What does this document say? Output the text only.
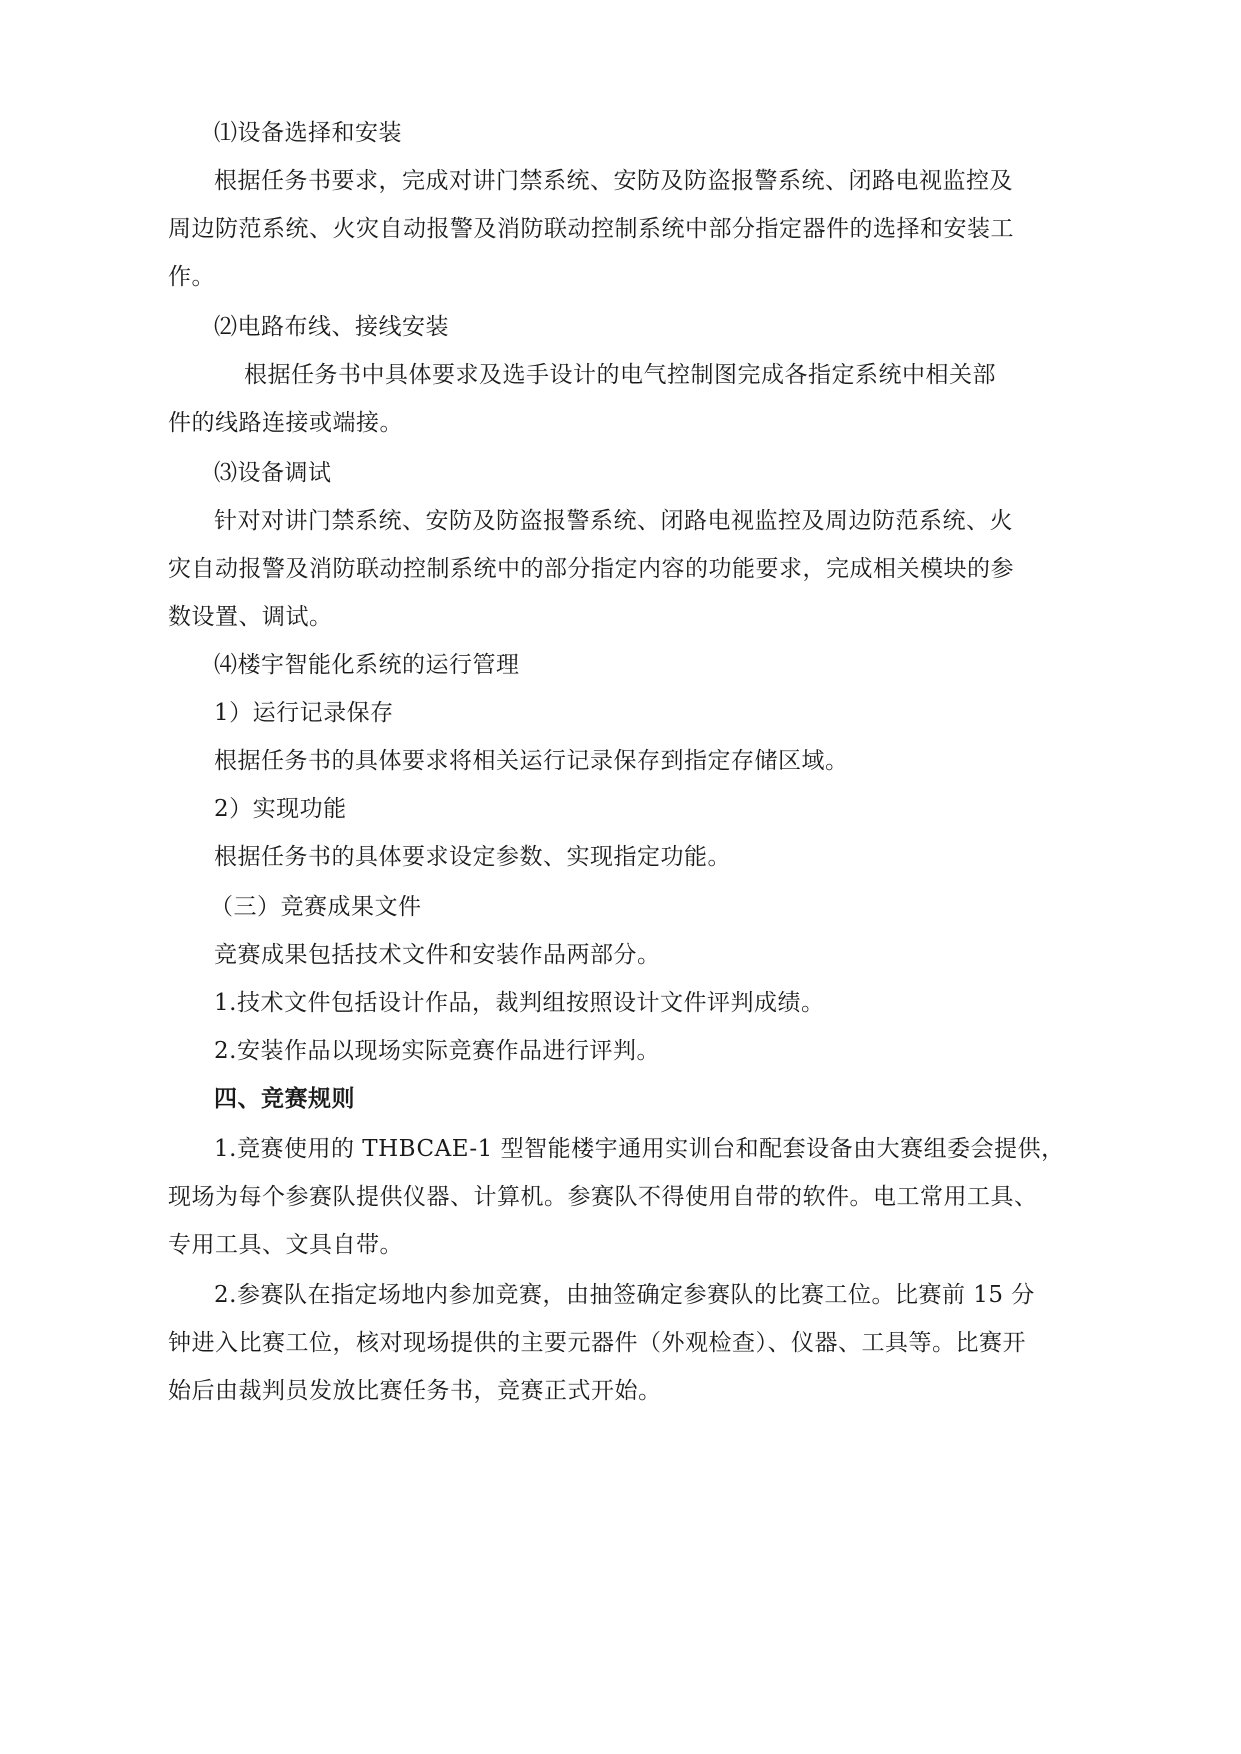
⑴设备选择和安装
根据任务书要求，完成对讲门禁系统、安防及防盗报警系统、闭路电视监控及
周边防范系统、火灾自动报警及消防联动控制系统中部分指定器件的选择和安装工
作。
⑵电路布线、接线安装
根据任务书中具体要求及选手设计的电气控制图完成各指定系统中相关部
件的线路连接或端接。
⑶设备调试
针对对讲门禁系统、安防及防盗报警系统、闭路电视监控及周边防范系统、火
灾自动报警及消防联动控制系统中的部分指定内容的功能要求，完成相关模块的参
数设置、调试。
⑷楼宇智能化系统的运行管理
1）运行记录保存
根据任务书的具体要求将相关运行记录保存到指定存储区域。
2）实现功能
根据任务书的具体要求设定参数、实现指定功能。
（三）竞赛成果文件
竞赛成果包括技术文件和安装作品两部分。
1.技术文件包括设计作品，裁判组按照设计文件评判成绩。
2.安装作品以现场实际竞赛作品进行评判。
四、竞赛规则
1.竞赛使用的 THBCAE-1 型智能楼宇通用实训台和配套设备由大赛组委会提供，
现场为每个参赛队提供仪器、计算机。参赛队不得使用自带的软件。电工常用工具、
专用工具、文具自带。
2.参赛队在指定场地内参加竞赛，由抽签确定参赛队的比赛工位。比赛前 15 分
钟进入比赛工位，核对现场提供的主要元器件（外观检查）、仪器、工具等。比赛开
始后由裁判员发放比赛任务书，竞赛正式开始。
